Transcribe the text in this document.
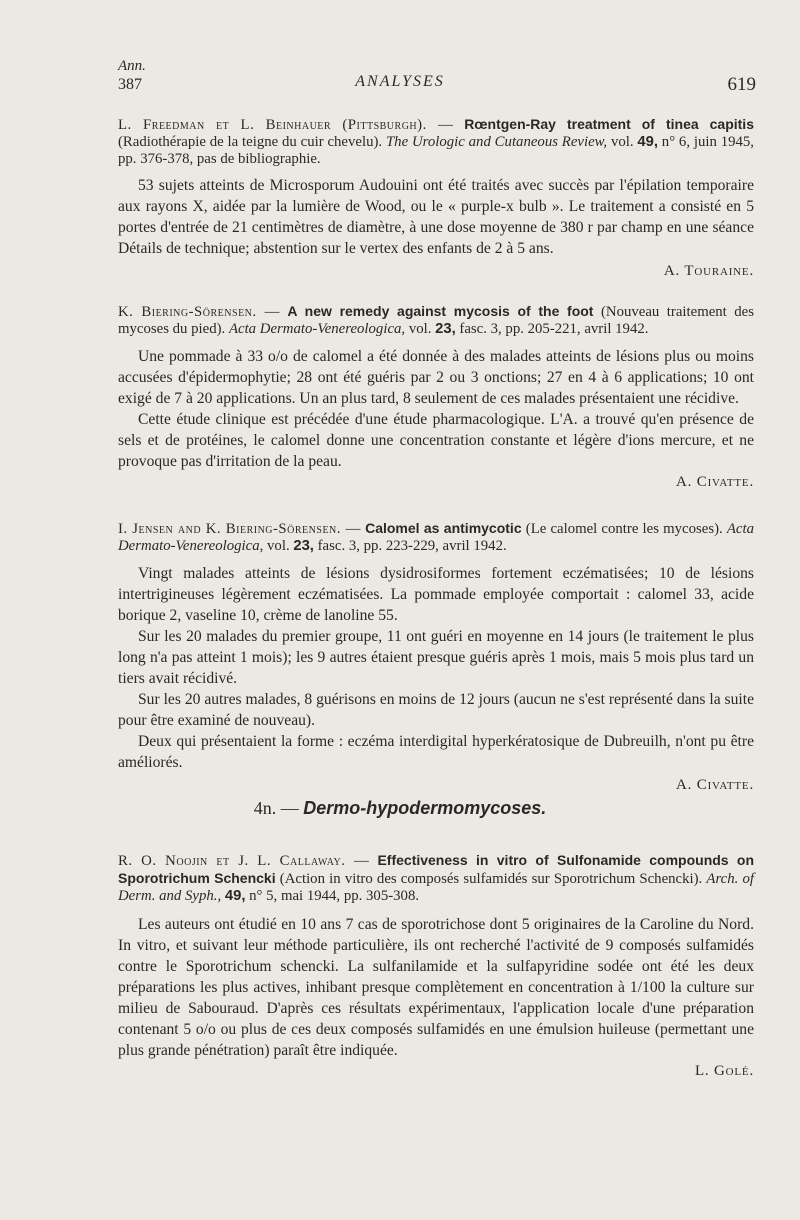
Ann.
387	ANALYSES	619

L. Freedman et L. Beinhauer (Pittsburgh). — Rœntgen-Ray treatment of tinea capitis (Radiothérapie de la teigne du cuir chevelu). The Urologic and Cutaneous Review, vol. 49, n° 6, juin 1945, pp. 376-378, pas de bibliographie.

53 sujets atteints de Microsporum Audouini ont été traités avec succès par l'épilation temporaire aux rayons X, aidée par la lumière de Wood, ou le « purple-x bulb ». Le traitement a consisté en 5 portes d'entrée de 21 centimètres de diamètre, à une dose moyenne de 380 r par champ en une séance Détails de technique; abstention sur le vertex des enfants de 2 à 5 ans.

A. Touraine.

K. Biering-Sörensen. — A new remedy against mycosis of the foot (Nouveau traitement des mycoses du pied). Acta Dermato-Venereologica, vol. 23, fasc. 3, pp. 205-221, avril 1942.

Une pommade à 33 o/o de calomel a été donnée à des malades atteints de lésions plus ou moins accusées d'épidermophytie; 28 ont été guéris par 2 ou 3 onctions; 27 en 4 à 6 applications; 10 ont exigé de 7 à 20 applications. Un an plus tard, 8 seulement de ces malades présentaient une récidive.

Cette étude clinique est précédée d'une étude pharmacologique. L'A. a trouvé qu'en présence de sels et de protéines, le calomel donne une concentration constante et légère d'ions mercure, et ne provoque pas d'irritation de la peau.

A. Civatte.

I. Jensen and K. Biering-Sörensen. — Calomel as antimycotic (Le calomel contre les mycoses). Acta Dermato-Venereologica, vol. 23, fasc. 3, pp. 223-229, avril 1942.

Vingt malades atteints de lésions dysidrosiformes fortement eczématisées; 10 de lésions intertrigineuses légèrement eczématisées. La pommade employée comportait : calomel 33, acide borique 2, vaseline 10, crème de lanoline 55.

Sur les 20 malades du premier groupe, 11 ont guéri en moyenne en 14 jours (le traitement le plus long n'a pas atteint 1 mois); les 9 autres étaient presque guéris après 1 mois, mais 5 mois plus tard un tiers avait récidivé.

Sur les 20 autres malades, 8 guérisons en moins de 12 jours (aucun ne s'est représenté dans la suite pour être examiné de nouveau).

Deux qui présentaient la forme : eczéma interdigital hyperkératosique de Dubreuilh, n'ont pu être améliorés.

A. Civatte.

4n. — Dermo-hypodermomycoses.

R. O. Noojin et J. L. Callaway. — Effectiveness in vitro of Sulfonamide compounds on Sporotrichum Schencki (Action in vitro des composés sulfamidés sur Sporotrichum Schencki). Arch. of Derm. and Syph., 49, n° 5, mai 1944, pp. 305-308.

Les auteurs ont étudié en 10 ans 7 cas de sporotrichose dont 5 originaires de la Caroline du Nord. In vitro, et suivant leur méthode particulière, ils ont recherché l'activité de 9 composés sulfamidés contre le Sporotrichum schencki. La sulfanilamide et la sulfapyridine sodée ont été les deux préparations les plus actives, inhibant presque complètement en concentration à 1/100 la culture sur milieu de Sabouraud. D'après ces résultats expérimentaux, l'application locale d'une préparation contenant 5 o/o ou plus de ces deux composés sulfamidés en une émulsion huileuse (permettant une plus grande pénétration) paraît être indiquée.

L. Golé.
